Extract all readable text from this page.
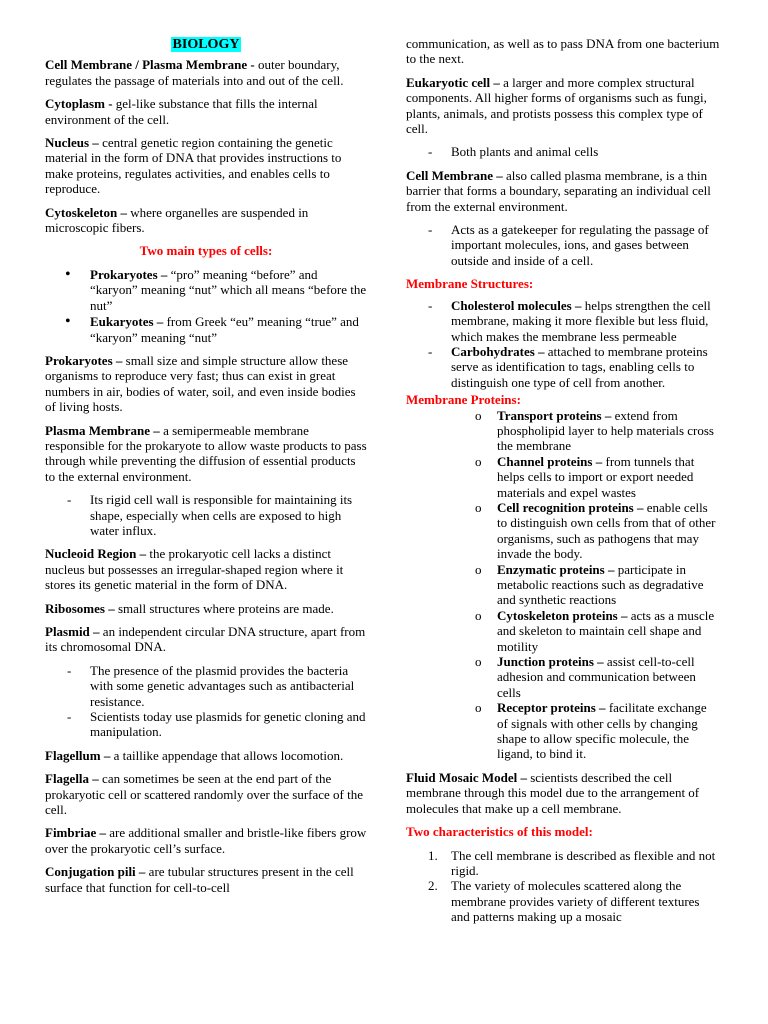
BIOLOGY

Cell Membrane / Plasma Membrane - outer boundary, regulates the passage of materials into and out of the cell.

Cytoplasm - gel-like substance that fills the internal environment of the cell.

Nucleus – central genetic region containing the genetic material in the form of DNA that provides instructions to make proteins, regulates activities, and enables cells to reproduce.

Cytoskeleton – where organelles are suspended in microscopic fibers.

Two main types of cells:
• Prokaryotes – “pro” meaning “before” and “karyon” meaning “nut” which all means “before the nut”
• Eukaryotes – from Greek “eu” meaning “true” and “karyon” meaning “nut”

Prokaryotes – small size and simple structure allow these organisms to reproduce very fast; thus can exist in great numbers in air, bodies of water, soil, and even inside bodies of living hosts.

Plasma Membrane – a semipermeable membrane responsible for the prokaryote to allow waste products to pass through while preventing the diffusion of essential products to the external environment.

- Its rigid cell wall is responsible for maintaining its shape, especially when cells are exposed to high water influx.

Nucleoid Region – the prokaryotic cell lacks a distinct nucleus but possesses an irregular-shaped region where it stores its genetic material in the form of DNA.

Ribosomes – small structures where proteins are made.

Plasmid – an independent circular DNA structure, apart from its chromosomal DNA.

- The presence of the plasmid provides the bacteria with some genetic advantages such as antibacterial resistance.
- Scientists today use plasmids for genetic cloning and manipulation.

Flagellum – a taillike appendage that allows locomotion.

Flagella – can sometimes be seen at the end part of the prokaryotic cell or scattered randomly over the surface of the cell.

Fimbriae – are additional smaller and bristle-like fibers grow over the prokaryotic cell’s surface.

Conjugation pili – are tubular structures present in the cell surface that function for cell-to-cell

communication, as well as to pass DNA from one bacterium to the next.

Eukaryotic cell – a larger and more complex structural components. All higher forms of organisms such as fungi, plants, animals, and protists possess this complex type of cell.

- Both plants and animal cells

Cell Membrane – also called plasma membrane, is a thin barrier that forms a boundary, separating an individual cell from the external environment.

- Acts as a gatekeeper for regulating the passage of important molecules, ions, and gases between outside and inside of a cell.
Membrane Structures:
- Cholesterol molecules – helps strengthen the cell membrane, making it more flexible but less fluid, which makes the membrane less permeable
- Carbohydrates – attached to membrane proteins serve as identification to tags, enabling cells to distinguish one type of cell from another.
Membrane Proteins:
o Transport proteins – extend from phospholipid layer to help materials cross the membrane
o Channel proteins – from tunnels that helps cells to import or export needed materials and expel wastes
o Cell recognition proteins – enable cells to distinguish own cells from that of other organisms, such as pathogens that may invade the body.
o Enzymatic proteins – participate in metabolic reactions such as degradative and synthetic reactions
o Cytoskeleton proteins – acts as a muscle and skeleton to maintain cell shape and motility
o Junction proteins – assist cell-to-cell adhesion and communication between cells
o Receptor proteins – facilitate exchange of signals with other cells by changing shape to allow specific molecule, the ligand, to bind it.

Fluid Mosaic Model – scientists described the cell membrane through this model due to the arrangement of molecules that make up a cell membrane.

Two characteristics of this model:
1. The cell membrane is described as flexible and not rigid.
2. The variety of molecules scattered along the membrane provides variety of different textures and patterns making up a mosaic
